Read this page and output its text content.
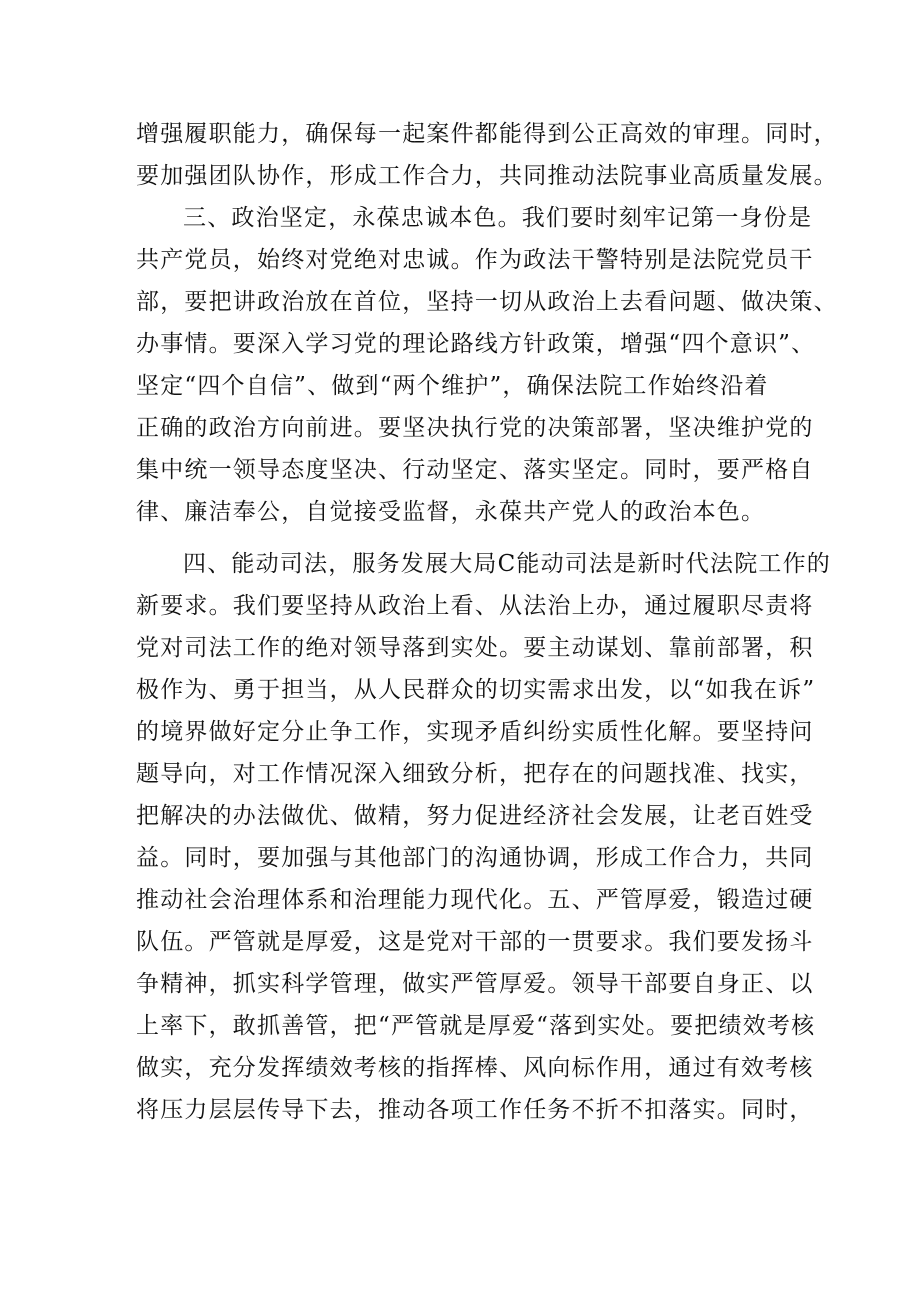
增强履职能力，确保每一起案件都能得到公正高效的审理。同时，
要加强团队协作，形成工作合力，共同推动法院事业高质量发展。
三、政治坚定，永葆忠诚本色。我们要时刻牢记第一身份是
共产党员，始终对党绝对忠诚。作为政法干警特别是法院党员干
部，要把讲政治放在首位，坚持一切从政治上去看问题、做决策、
办事情。要深入学习党的理论路线方针政策，增强“四个意识”、
坚定“四个自信”、做到“两个维护”，确保法院工作始终沿着
正确的政治方向前进。要坚决执行党的决策部署，坚决维护党的
集中统一领导态度坚决、行动坚定、落实坚定。同时，要严格自
律、廉洁奉公，自觉接受监督，永葆共产党人的政治本色。
四、能动司法，服务发展大局C能动司法是新时代法院工作的
新要求。我们要坚持从政治上看、从法治上办，通过履职尽责将
党对司法工作的绝对领导落到实处。要主动谋划、靠前部署，积
极作为、勇于担当，从人民群众的切实需求出发，以“如我在诉”
的境界做好定分止争工作，实现矛盾纠纷实质性化解。要坚持问
题导向，对工作情况深入细致分析，把存在的问题找准、找实，
把解决的办法做优、做精，努力促进经济社会发展，让老百姓受
益。同时，要加强与其他部门的沟通协调，形成工作合力，共同
推动社会治理体系和治理能力现代化。五、严管厚爱，锻造过硬
队伍。严管就是厚爱，这是党对干部的一贯要求。我们要发扬斗
争精神，抓实科学管理，做实严管厚爱。领导干部要自身正、以
上率下，敢抓善管，把“严管就是厚爱“落到实处。要把绩效考核
做实，充分发挥绩效考核的指挥棒、风向标作用，通过有效考核
将压力层层传导下去，推动各项工作任务不折不扣落实。同时，
